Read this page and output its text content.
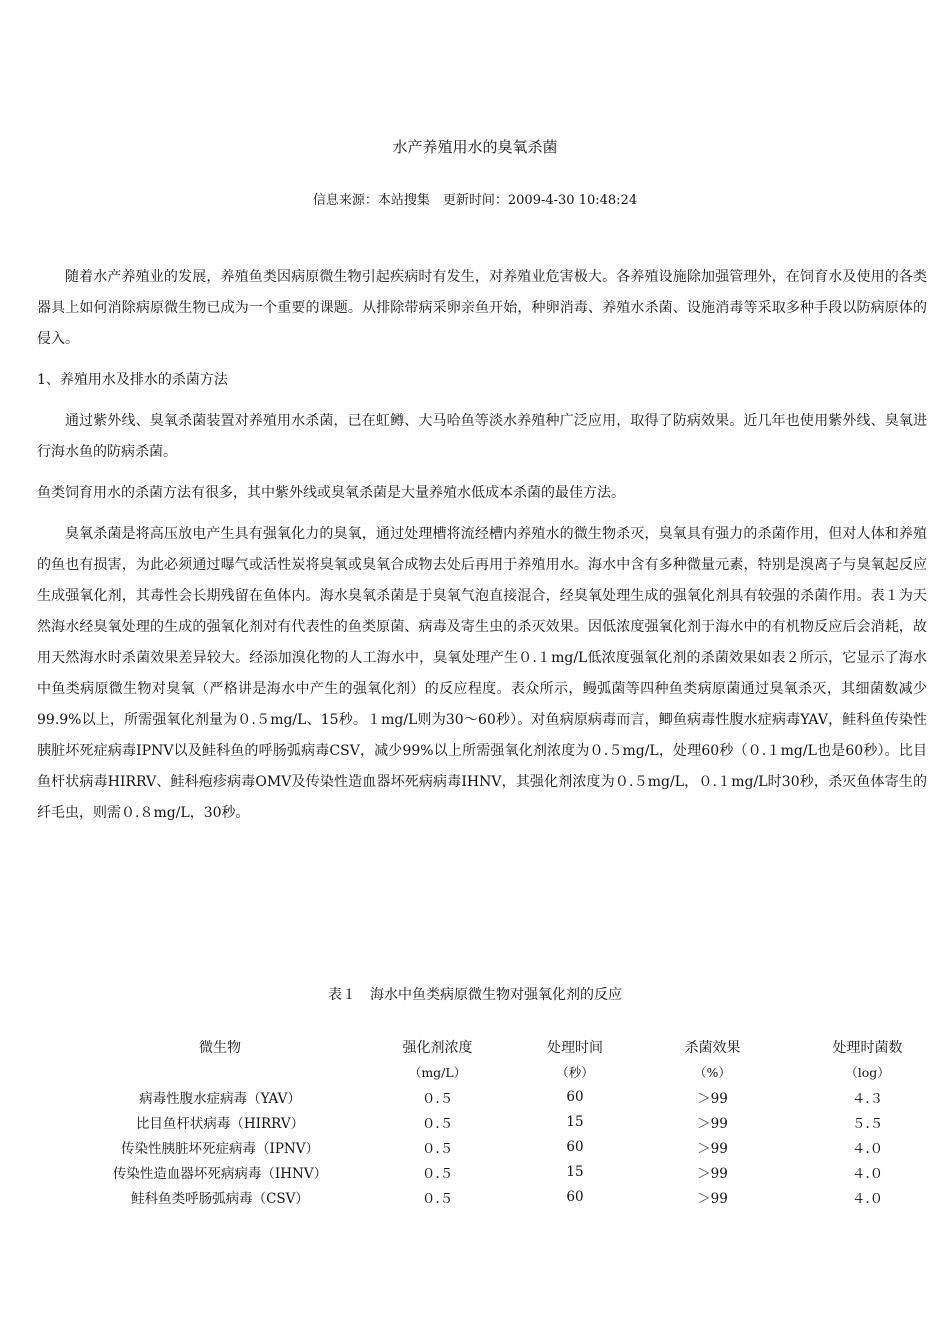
水产养殖用水的臭氧杀菌
信息来源：本站搜集　更新时间：2009-4-30 10:48:24

随着水产养殖业的发展，养殖鱼类因病原微生物引起疾病时有发生，对养殖业危害极大。各养殖设施除加强管理外，在饲育水及使用的各类器具上如何消除病原微生物已成为一个重要的课题。从排除带病采卵亲鱼开始，种卵消毒、养殖水杀菌、设施消毒等采取多种手段以防病原体的侵入。

1、养殖用水及排水的杀菌方法

通过紫外线、臭氧杀菌装置对养殖用水杀菌，已在虹鳟、大马哈鱼等淡水养殖种广泛应用，取得了防病效果。近几年也使用紫外线、臭氧进行海水鱼的防病杀菌。

鱼类饲育用水的杀菌方法有很多，其中紫外线或臭氧杀菌是大量养殖水低成本杀菌的最佳方法。

臭氧杀菌是将高压放电产生具有强氧化力的臭氧，通过处理槽将流经槽内养殖水的微生物杀灭，臭氧具有强力的杀菌作用，但对人体和养殖的鱼也有损害，为此必须通过曝气或活性炭将臭氧或臭氧合成物去处后再用于养殖用水。海水中含有多种微量元素，特别是溴离子与臭氧起反应生成强氧化剂，其毒性会长期残留在鱼体内。海水臭氧杀菌是于臭氧气泡直接混合，经臭氧处理生成的强氧化剂具有较强的杀菌作用。表１为天然海水经臭氧处理的生成的强氧化剂对有代表性的鱼类原菌、病毒及寄生虫的杀灭效果。因低浓度强氧化剂于海水中的有机物反应后会消耗，故用天然海水时杀菌效果差异较大。经添加溴化物的人工海水中，臭氧处理产生０.１mg/L低浓度强氧化剂的杀菌效果如表２所示，它显示了海水中鱼类病原微生物对臭氧（严格讲是海水中产生的强氧化剂）的反应程度。表众所示，鳗弧菌等四种鱼类病原菌通过臭氧杀灭，其细菌数减少99.9%以上，所需强氧化剂量为０.５mg/L、15秒。１mg/L则为30～60秒）。对鱼病原病毒而言，鲫鱼病毒性腹水症病毒YAV，鲑科鱼传染性胰脏坏死症病毒IPNV以及鲑科鱼的呼肠弧病毒CSV，减少99%以上所需强氧化剂浓度为０.５mg/L，处理60秒（０.１mg/L也是60秒）。比目鱼杆状病毒HIRRV、鲑科疱疹病毒OMV及传染性造血器坏死病病毒IHNV，其强化剂浓度为０.５mg/L，０.１mg/L时30秒，杀灭鱼体寄生的纤毛虫，则需０.８mg/L，30秒。

表１　海水中鱼类病原微生物对强氧化剂的反应
微生物	强化剂浓度	处理时间	杀菌效果	处理时菌数
	（mg/L）	（秒）	（%）	（log）
病毒性腹水症病毒（YAV）	０.５	60	＞99	４.３
比目鱼杆状病毒（HIRRV）	０.５	15	＞99	５.５
传染性胰脏坏死症病毒（IPNV）	０.５	60	＞99	４.０
传染性造血器坏死病病毒（IHNV）	０.５	15	＞99	４.０
鲑科鱼类呼肠弧病毒（CSV）	０.５	60	＞99	４.０
